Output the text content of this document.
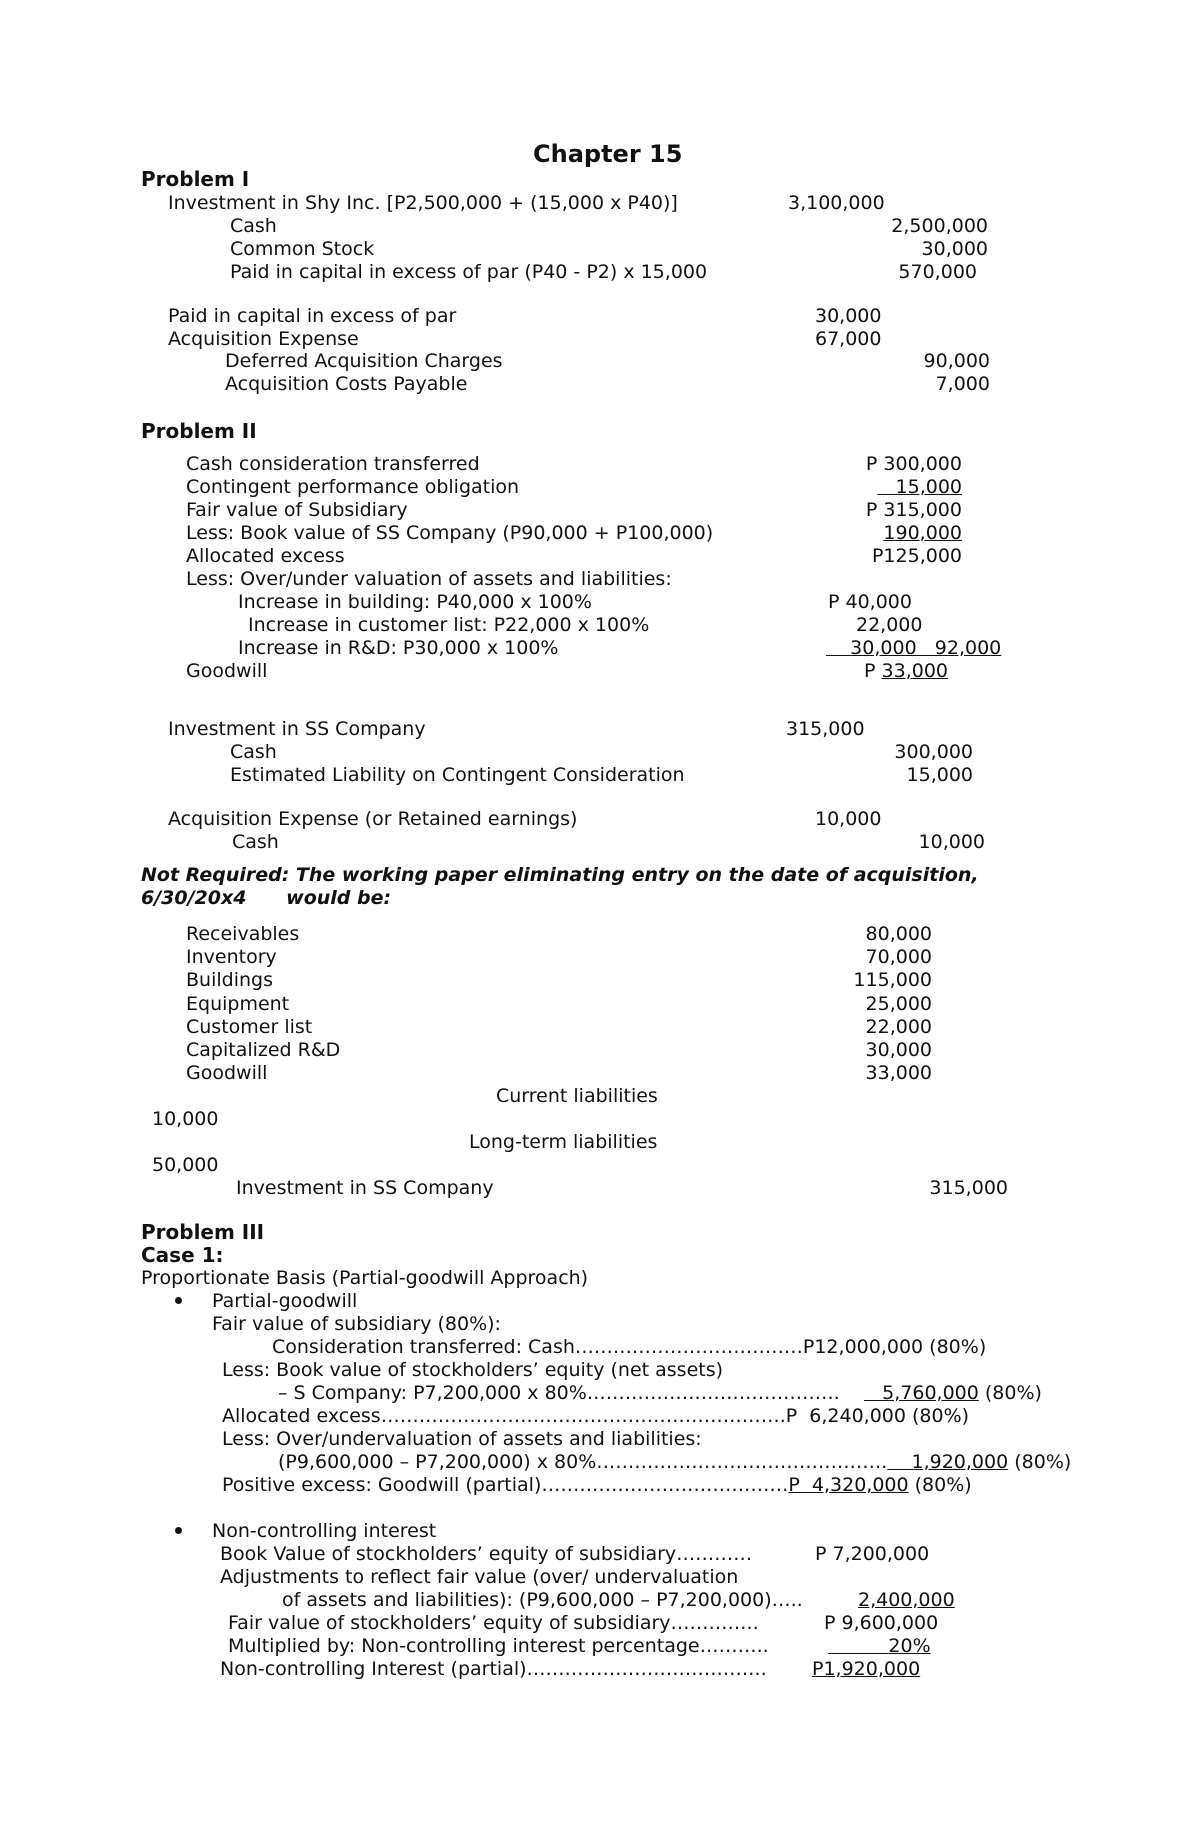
Chapter 15
Problem I
Investment in Shy Inc. [P2,500,000 + (15,000 x P40)]	3,100,000
Cash	2,500,000
Common Stock	30,000
Paid in capital in excess of par (P40 - P2) x 15,000	570,000
Paid in capital in excess of par	30,000
Acquisition Expense	67,000
Deferred Acquisition Charges	90,000
Acquisition Costs Payable	7,000
Problem II
Cash consideration transferred	P 300,000
Contingent performance obligation	15,000
Fair value of Subsidiary	P 315,000
Less: Book value of SS Company (P90,000 + P100,000)	190,000
Allocated excess	P125,000
Less: Over/under valuation of assets and liabilities:
Increase in building: P40,000 x 100%	P 40,000
Increase in customer list: P22,000 x 100%	22,000
Increase in R&D: P30,000 x 100%	30,000 92,000
Goodwill	P 33,000
Investment in SS Company	315,000
Cash	300,000
Estimated Liability on Contingent Consideration	15,000
Acquisition Expense (or Retained earnings)	10,000
Cash	10,000
Not Required: The working paper eliminating entry on the date of acquisition,
6/30/20x4      would be:
Receivables	80,000
Inventory	70,000
Buildings	115,000
Equipment	25,000
Customer list	22,000
Capitalized R&D	30,000
Goodwill	33,000
Current liabilities
10,000
Long-term liabilities
50,000
Investment in SS Company	315,000
Problem III
Case 1:
Proportionate Basis (Partial-goodwill Approach)
Partial-goodwill
Fair value of subsidiary (80%):
Consideration transferred: Cash………………………………P12,000,000 (80%)
Less: Book value of stockholders’ equity (net assets)
– S Company: P7,200,000 x 80%…………………………………. 5,760,000 (80%)
Allocated excess……………………………………………………….P  6,240,000 (80%)
Less: Over/undervaluation of assets and liabilities:
(P9,600,000 – P7,200,000) x 80%………………………………………. 1,920,000 (80%)
Positive excess: Goodwill (partial)…………………………………P  4,320,000 (80%)
Non-controlling interest
Book Value of stockholders’ equity of subsidiary…………	P 7,200,000
Adjustments to reflect fair value (over/ undervaluation
of assets and liabilities): (P9,600,000 – P7,200,000)…..	2,400,000
Fair value of stockholders’ equity of subsidiary…………..	P 9,600,000
Multiplied by: Non-controlling interest percentage………..	20%
Non-controlling Interest (partial)……………………………….. P1,920,000
